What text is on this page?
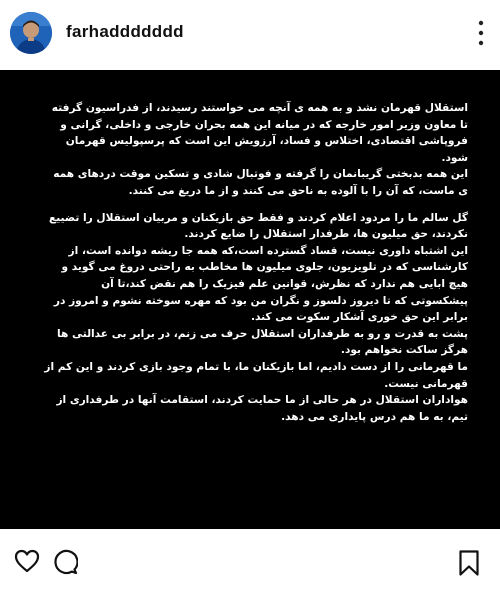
farhaddddddd

استقلال قهرمان نشد و به همه ی آنچه می خواستند رسیدند، از فدراسیون گرفته
تا معاون وزیر امور خارجه که در میانه این همه بحران خارجی و داخلی، گرانی و
فروپاشی اقتصادی، اختلاس و فساد، آرزویش این است که پرسپولیس قهرمان
شود.
این همه بدبختی گریبانمان را گرفته و فوتبال شادی و تسکین موقت دردهای همه
ی ماست، که آن را با آلوده به ناحق می کنند و از ما دریغ می کنند.

گل سالم ما را مردود اعلام کردند و فقط حق بازیکنان و مربیان استقلال را تضییع
نکردند، حق میلیون ها، طرفدار استقلال را ضایع کردند.
این اشتباه داوری نیست، فساد گسترده است،که همه جا ریشه دوانده است، از
کارشناسی که در تلویزیون، جلوی میلیون ها مخاطب به راحتی دروغ می گوید و
هیچ ابایی هم ندارد که نظرش، قوانین علم فیزیک را هم نقض کند،تا آن
پیشکسوتی که تا دیروز دلسوز و نگران من بود که مهره سوخته نشوم و امروز در
برابر این حق خوری آشکار سکوت می کند.
پشت به قدرت و رو به طرفداران استقلال حرف می زنم، در برابر بی عدالتی ها
هرگز ساکت نخواهم بود.
ما قهرمانی را از دست دادیم، اما بازیکنان ما، با تمام وجود بازی کردند و این کم از
قهرمانی نیست.
هواداران استقلال در هر حالی از ما حمایت کردند، استقامت آنها در طرفداری از
تیم، به ما هم درس پایداری می دهد.
